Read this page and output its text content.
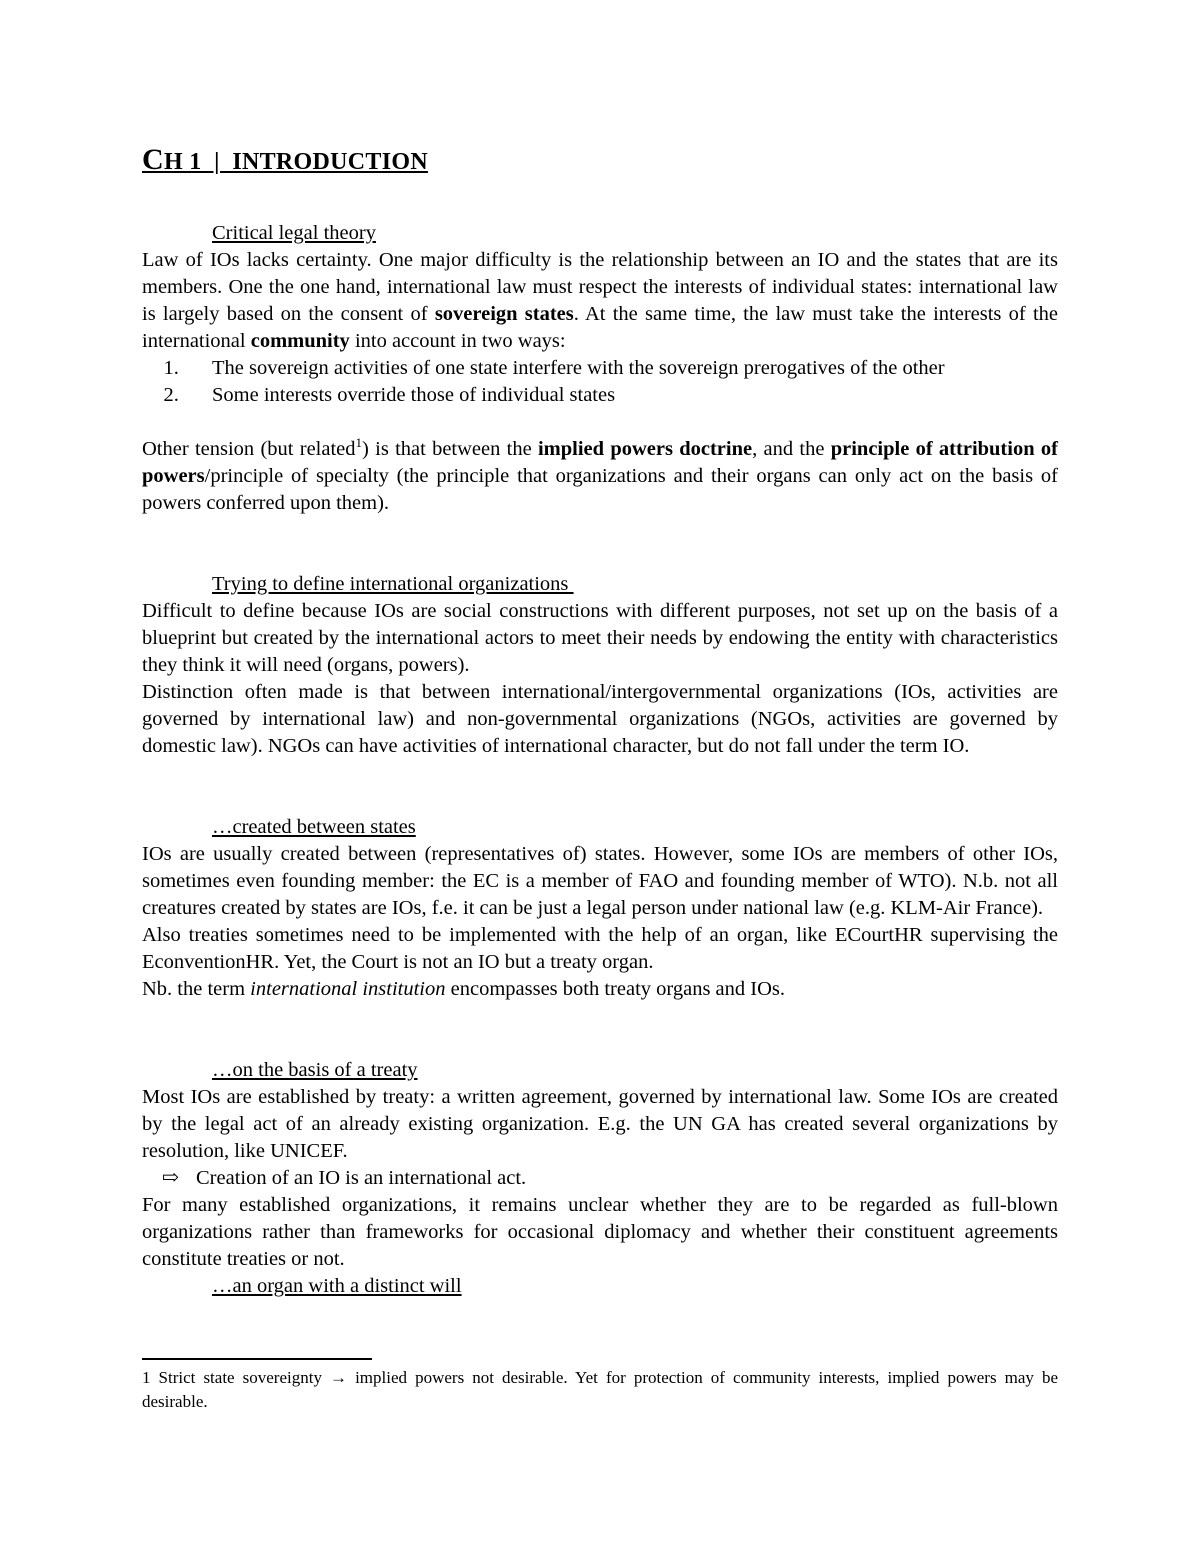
CH 1  |  INTRODUCTION
Critical legal theory

Law of IOs lacks certainty. One major difficulty is the relationship between an IO and the states that are its members. One the one hand, international law must respect the interests of individual states: international law is largely based on the consent of sovereign states. At the same time, the law must take the interests of the international community into account in two ways:

1. The sovereign activities of one state interfere with the sovereign prerogatives of the other
2. Some interests override those of individual states

Other tension (but related$^1$) is that between the implied powers doctrine, and the principle of attribution of powers/principle of specialty (the principle that organizations and their organs can only act on the basis of powers conferred upon them).

Trying to define international organizations

Difficult to define because IOs are social constructions with different purposes, not set up on the basis of a blueprint but created by the international actors to meet their needs by endowing the entity with characteristics they think it will need (organs, powers).

Distinction often made is that between international/intergovernmental organizations (IOs, activities are governed by international law) and non-governmental organizations (NGOs, activities are governed by domestic law). NGOs can have activities of international character, but do not fall under the term IO.

…created between states

IOs are usually created between (representatives of) states. However, some IOs are members of other IOs, sometimes even founding member: the EC is a member of FAO and founding member of WTO). N.b. not all creatures created by states are IOs, f.e. it can be just a legal person under national law (e.g. KLM-Air France).

Also treaties sometimes need to be implemented with the help of an organ, like ECourtHR supervising the EconventionHR. Yet, the Court is not an IO but a treaty organ.

Nb. the term international institution encompasses both treaty organs and IOs.

…on the basis of a treaty

Most IOs are established by treaty: a written agreement, governed by international law. Some IOs are created by the legal act of an already existing organization. E.g. the UN GA has created several organizations by resolution, like UNICEF.

⇨ Creation of an IO is an international act.

For many established organizations, it remains unclear whether they are to be regarded as full-blown organizations rather than frameworks for occasional diplomacy and whether their constituent agreements constitute treaties or not.

…an organ with a distinct will
1 Strict state sovereignty → implied powers not desirable. Yet for protection of community interests, implied powers may be desirable.
